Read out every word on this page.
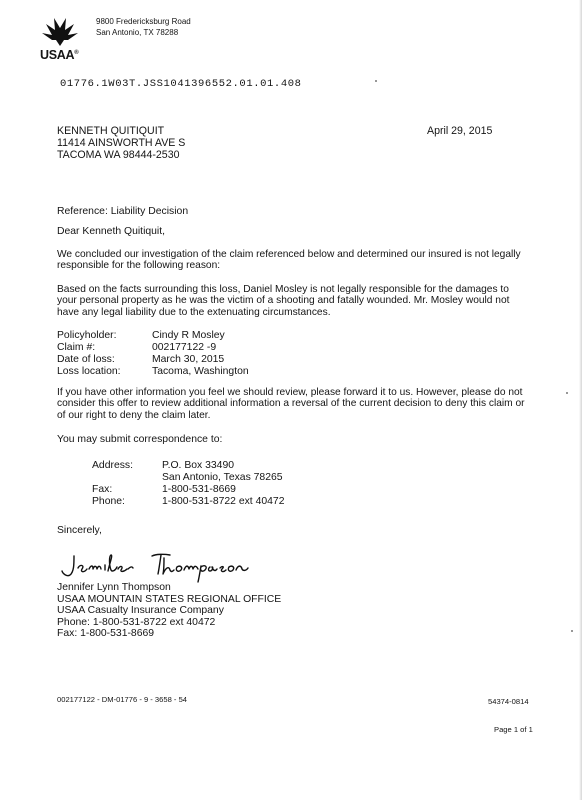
USAA®
9800 Fredericksburg Road
San Antonio, TX 78288
01776.1W03T.JSS1041396552.01.01.408
KENNETH QUITIQUIT
11414 AINSWORTH AVE S
TACOMA WA 98444-2530
April 29, 2015
Reference: Liability Decision
Dear Kenneth Quitiquit,
We concluded our investigation of the claim referenced below and determined our insured is not legally responsible for the following reason:
Based on the facts surrounding this loss, Daniel Mosley is not legally responsible for the damages to your personal property as he was the victim of a shooting and fatally wounded. Mr. Mosley would not have any legal liability due to the extenuating circumstances.
Policyholder:	Cindy R Mosley
Claim #:	002177122 -9
Date of loss:	March 30, 2015
Loss location:	Tacoma, Washington
If you have other information you feel we should review, please forward it to us. However, please do not consider this offer to review additional information a reversal of the current decision to deny this claim or of our right to deny the claim later.
You may submit correspondence to:
Address:	P.O. Box 33490
San Antonio, Texas 78265
Fax:	1-800-531-8669
Phone:	1-800-531-8722 ext 40472
Sincerely,
Jennifer Lynn Thompson
USAA MOUNTAIN STATES REGIONAL OFFICE
USAA Casualty Insurance Company
Phone: 1-800-531-8722 ext 40472
Fax: 1-800-531-8669
002177122 - DM-01776 - 9 - 3658 - 54	54374-0814
Page 1 of 1
